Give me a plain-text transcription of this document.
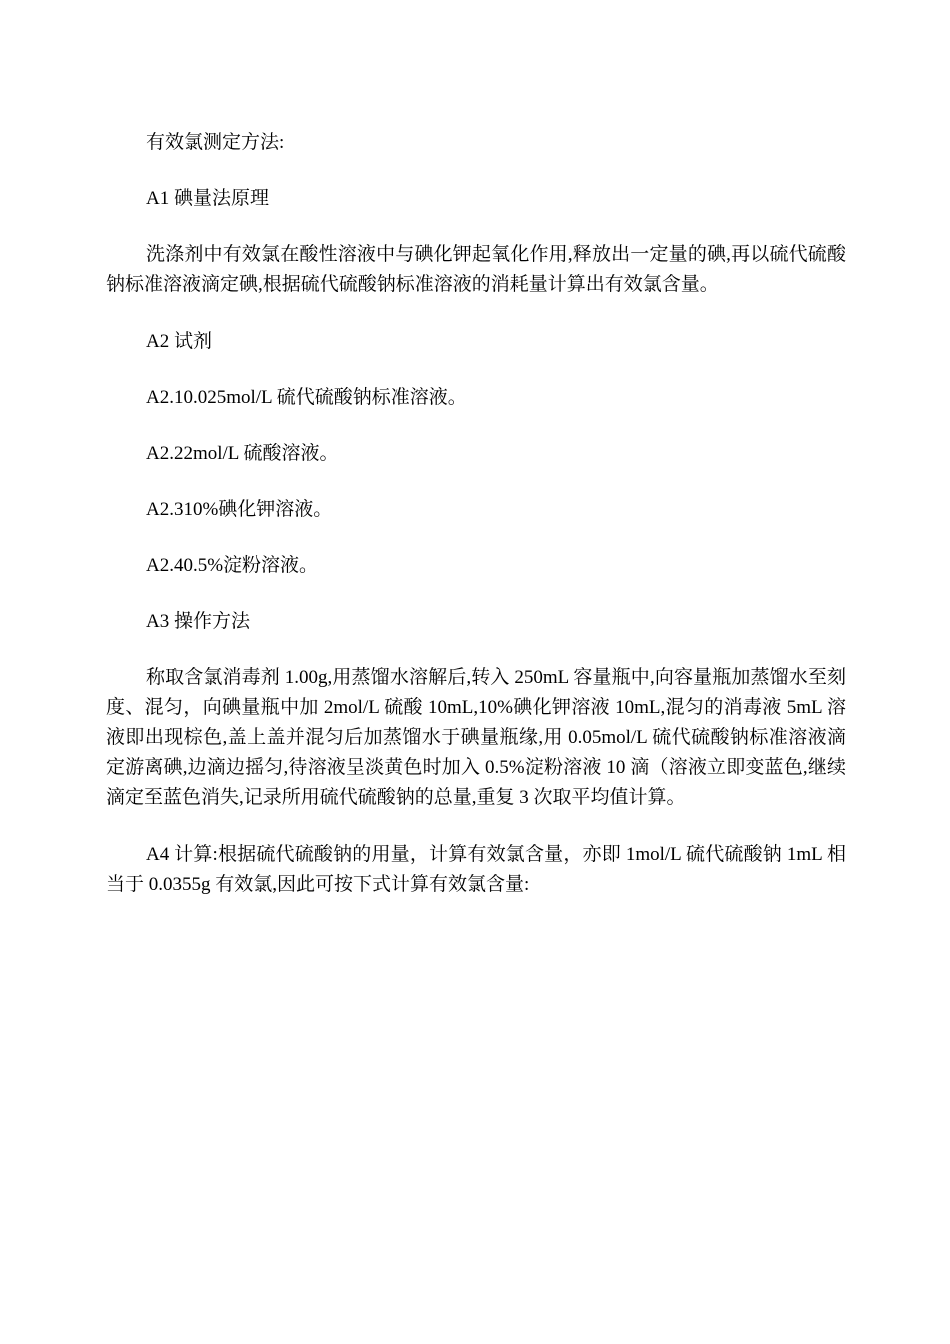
有效氯测定方法:

A1 碘量法原理

洗涤剂中有效氯在酸性溶液中与碘化钾起氧化作用,释放出一定量的碘,再以硫代硫酸钠标准溶液滴定碘,根据硫代硫酸钠标准溶液的消耗量计算出有效氯含量。

A2 试剂

A2.10.025mol/L 硫代硫酸钠标准溶液。

A2.22mol/L 硫酸溶液。

A2.310%碘化钾溶液。

A2.40.5%淀粉溶液。

A3 操作方法

称取含氯消毒剂 1.00g,用蒸馏水溶解后,转入 250mL 容量瓶中,向容量瓶加蒸馏水至刻度、混匀，向碘量瓶中加 2mol/L 硫酸 10mL,10%碘化钾溶液 10mL,混匀的消毒液 5mL 溶液即出现棕色,盖上盖并混匀后加蒸馏水于碘量瓶缘,用 0.05mol/L 硫代硫酸钠标准溶液滴定游离碘,边滴边摇匀,待溶液呈淡黄色时加入 0.5%淀粉溶液 10 滴（溶液立即变蓝色,继续滴定至蓝色消失,记录所用硫代硫酸钠的总量,重复 3 次取平均值计算。

A4 计算:根据硫代硫酸钠的用量，计算有效氯含量，亦即 1mol/L 硫代硫酸钠 1mL 相当于 0.0355g 有效氯,因此可按下式计算有效氯含量:
